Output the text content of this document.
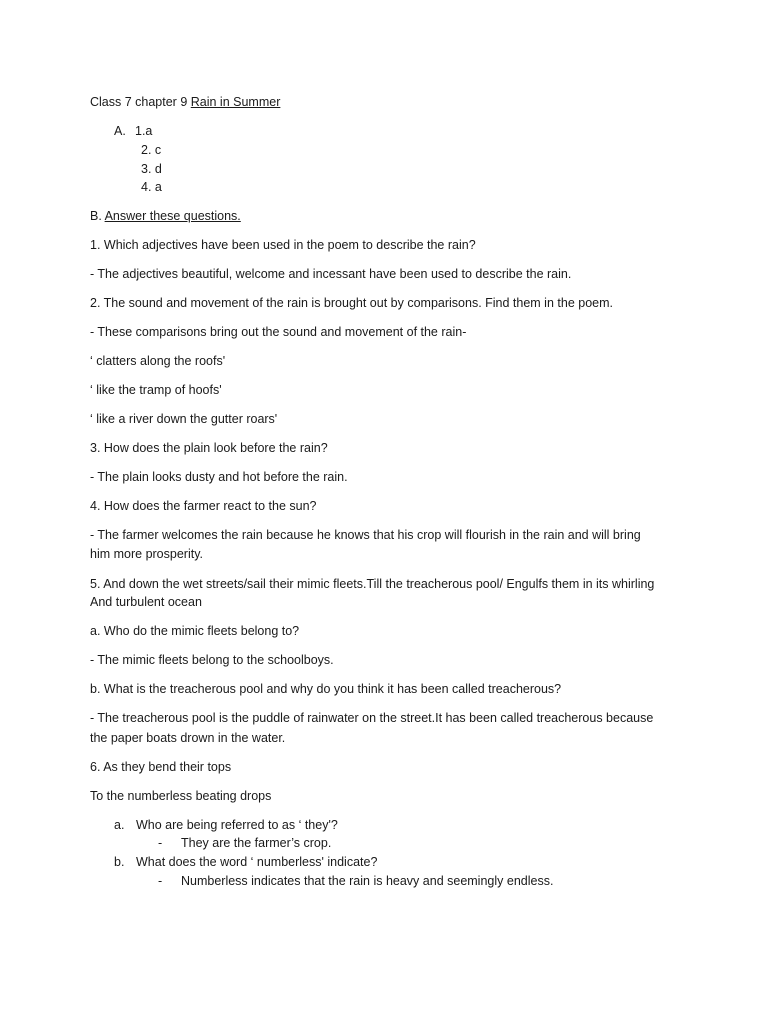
Class 7 chapter 9 Rain in Summer
A. 1.a
2. c
3. d
4. a
B. Answer these questions.
1. Which adjectives have been used in the poem to describe the rain?
- The adjectives beautiful, welcome and incessant have been used to describe the rain.
2. The sound and movement of the rain is brought out by comparisons. Find them in the poem.
- These comparisons bring out the sound and movement of the rain-
‘ clatters along the roofs'
‘ like the tramp of hoofs'
‘ like a river down the gutter roars'
3. How does the plain look before the rain?
- The plain looks dusty and hot before the rain.
4. How does the farmer react to the sun?
- The farmer welcomes the rain because he knows that his crop will flourish in the rain and will bring
him more prosperity.
5. And down the wet streets/sail their mimic fleets.Till the treacherous pool/ Engulfs them in its whirling
And turbulent ocean
a. Who do the mimic fleets belong to?
- The mimic fleets belong to the schoolboys.
b. What is the treacherous pool and why do you think it has been called treacherous?
- The treacherous pool is the puddle of rainwater on the street.It has been called treacherous because
the paper boats drown in the water.
6. As they bend their tops
To the numberless beating drops
a. Who are being referred to as ‘ they'?
- They are the farmer’s crop.
b. What does the word ‘ numberless' indicate?
- Numberless indicates that the rain is heavy and seemingly endless.
